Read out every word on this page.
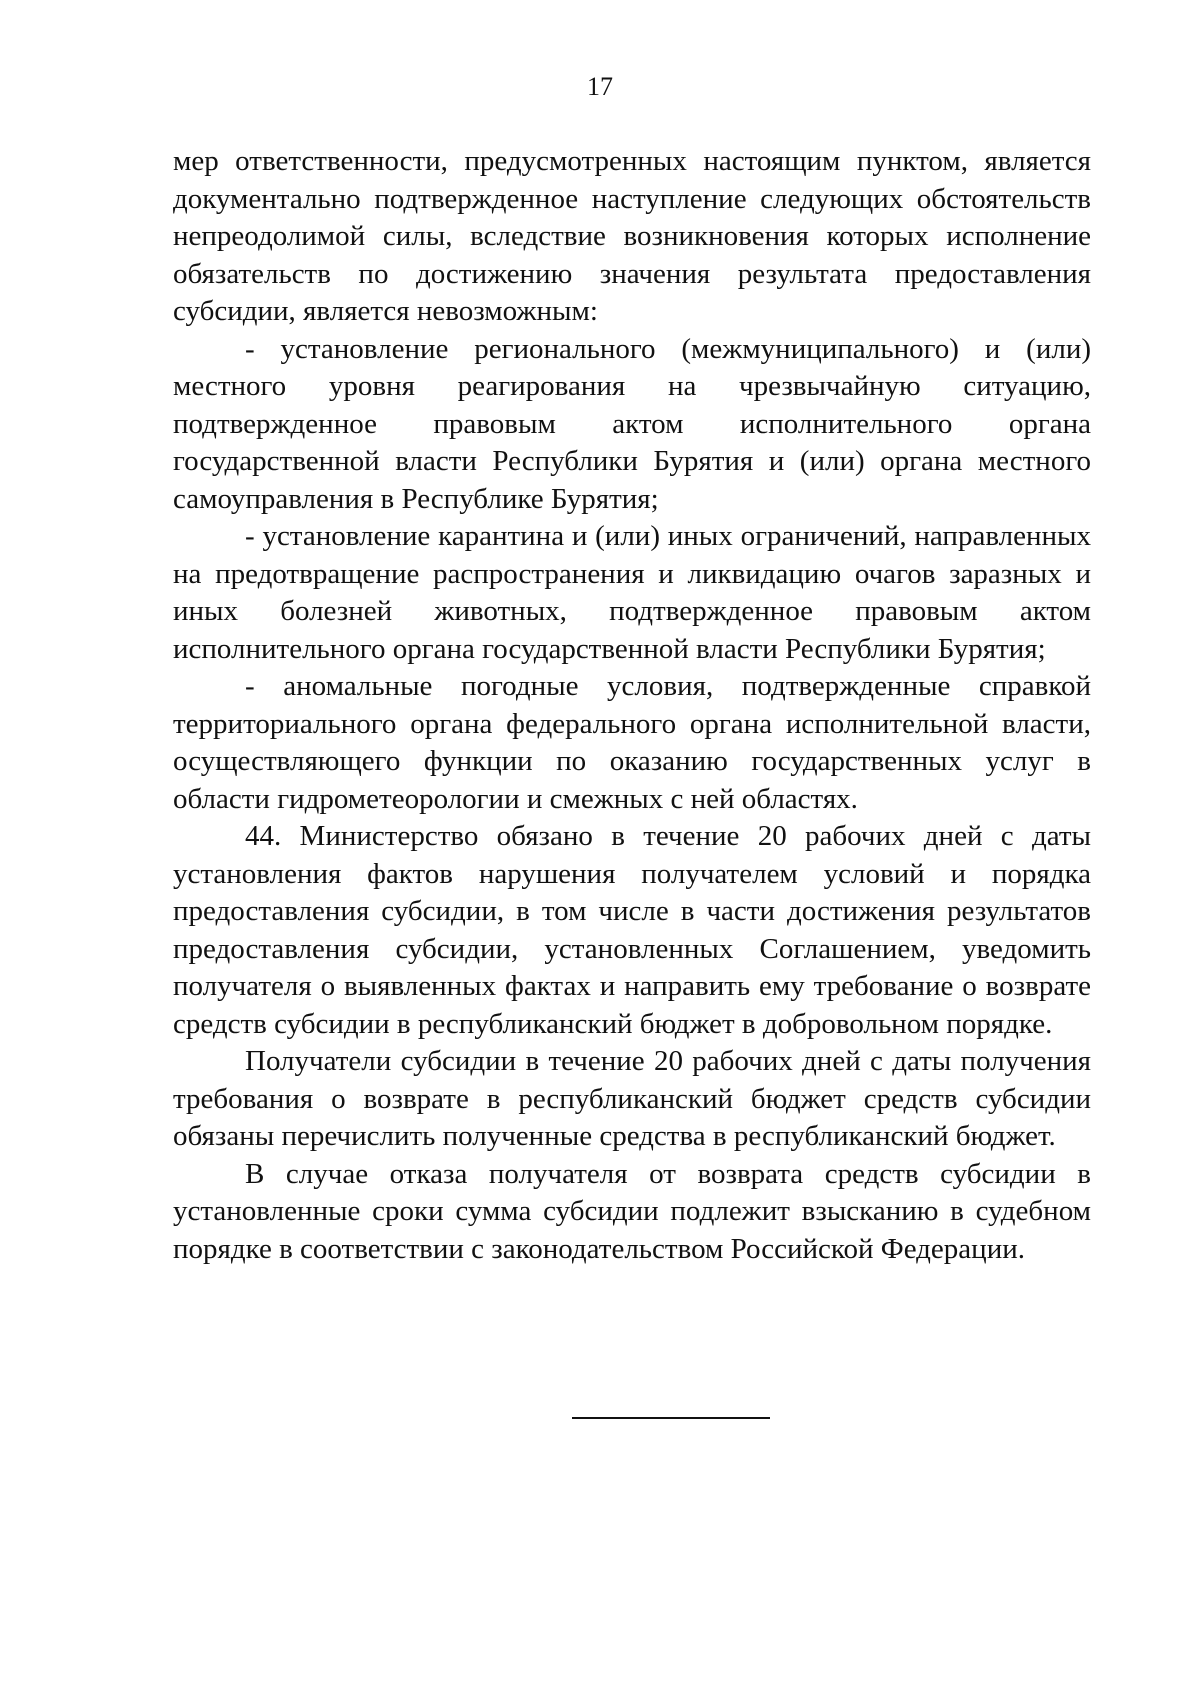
17

мер ответственности, предусмотренных настоящим пунктом, является документально подтвержденное наступление следующих обстоятельств непреодолимой силы, вследствие возникновения которых исполнение обязательств по достижению значения результата предоставления субсидии, является невозможным:

- установление регионального (межмуниципального) и (или) местного уровня реагирования на чрезвычайную ситуацию, подтвержденное правовым актом исполнительного органа государственной власти Республики Бурятия и (или) органа местного самоуправления в Республике Бурятия;

- установление карантина и (или) иных ограничений, направленных на предотвращение распространения и ликвидацию очагов заразных и иных болезней животных, подтвержденное правовым актом исполнительного органа государственной власти Республики Бурятия;

- аномальные погодные условия, подтвержденные справкой территориального органа федерального органа исполнительной власти, осуществляющего функции по оказанию государственных услуг в области гидрометеорологии и смежных с ней областях.

44. Министерство обязано в течение 20 рабочих дней с даты установления фактов нарушения получателем условий и порядка предоставления субсидии, в том числе в части достижения результатов предоставления субсидии, установленных Соглашением, уведомить получателя о выявленных фактах и направить ему требование о возврате средств субсидии в республиканский бюджет в добровольном порядке.

Получатели субсидии в течение 20 рабочих дней с даты получения требования о возврате в республиканский бюджет средств субсидии обязаны перечислить полученные средства в республиканский бюджет.

В случае отказа получателя от возврата средств субсидии в установленные сроки сумма субсидии подлежит взысканию в судебном порядке в соответствии с законодательством Российской Федерации.
